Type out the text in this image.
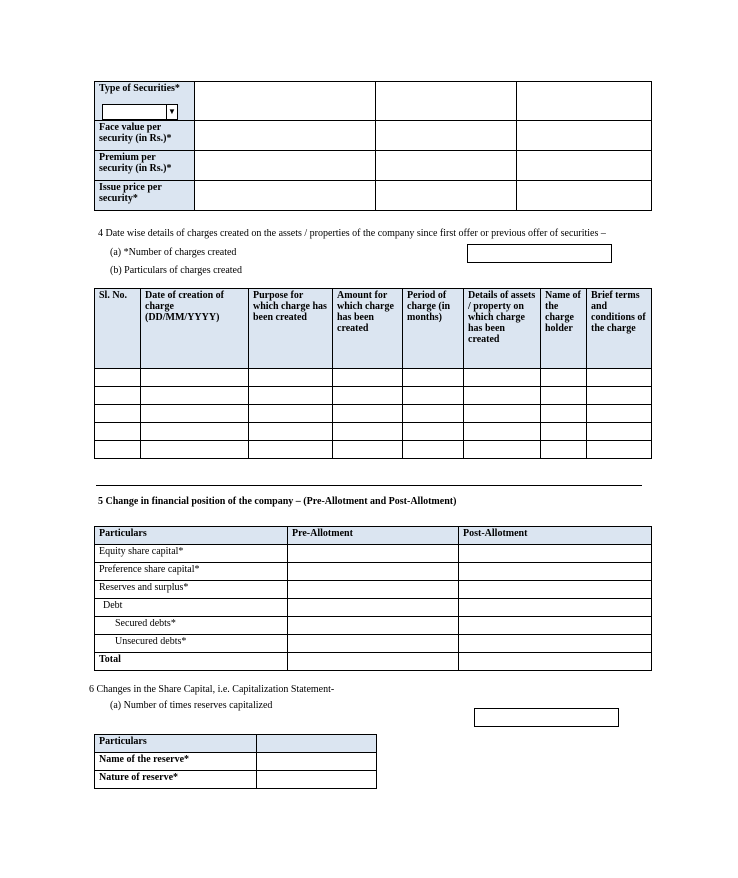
Type of Securities*
▼			

Face value per security (in Rs.)*			
Premium per security (in Rs.)*			
Issue price per security*			
4 Date wise details of charges created on the assets / properties of the company since first offer or previous offer of securities –
(a) *Number of charges created
(b) Particulars of charges created
Sl. No.	Date of creation of charge (DD/MM/YYYY)	Purpose for which charge has been created	Amount for which charge has been created	Period of charge (in months)	Details of assets / property on which charge has been created	Name of the charge holder	Brief terms and conditions of the charge

5 Change in financial position of the company – (Pre-Allotment and Post-Allotment)
Particulars	Pre-Allotment	Post-Allotment
Equity share capital*		
Preference share capital*		
Reserves and surplus*		
Debt		
Secured debts*		
Unsecured debts*		
Total		
6 Changes in the Share Capital, i.e. Capitalization Statement-
(a) Number of times reserves capitalized
Particulars	
Name of the reserve*	
Nature of reserve*	
